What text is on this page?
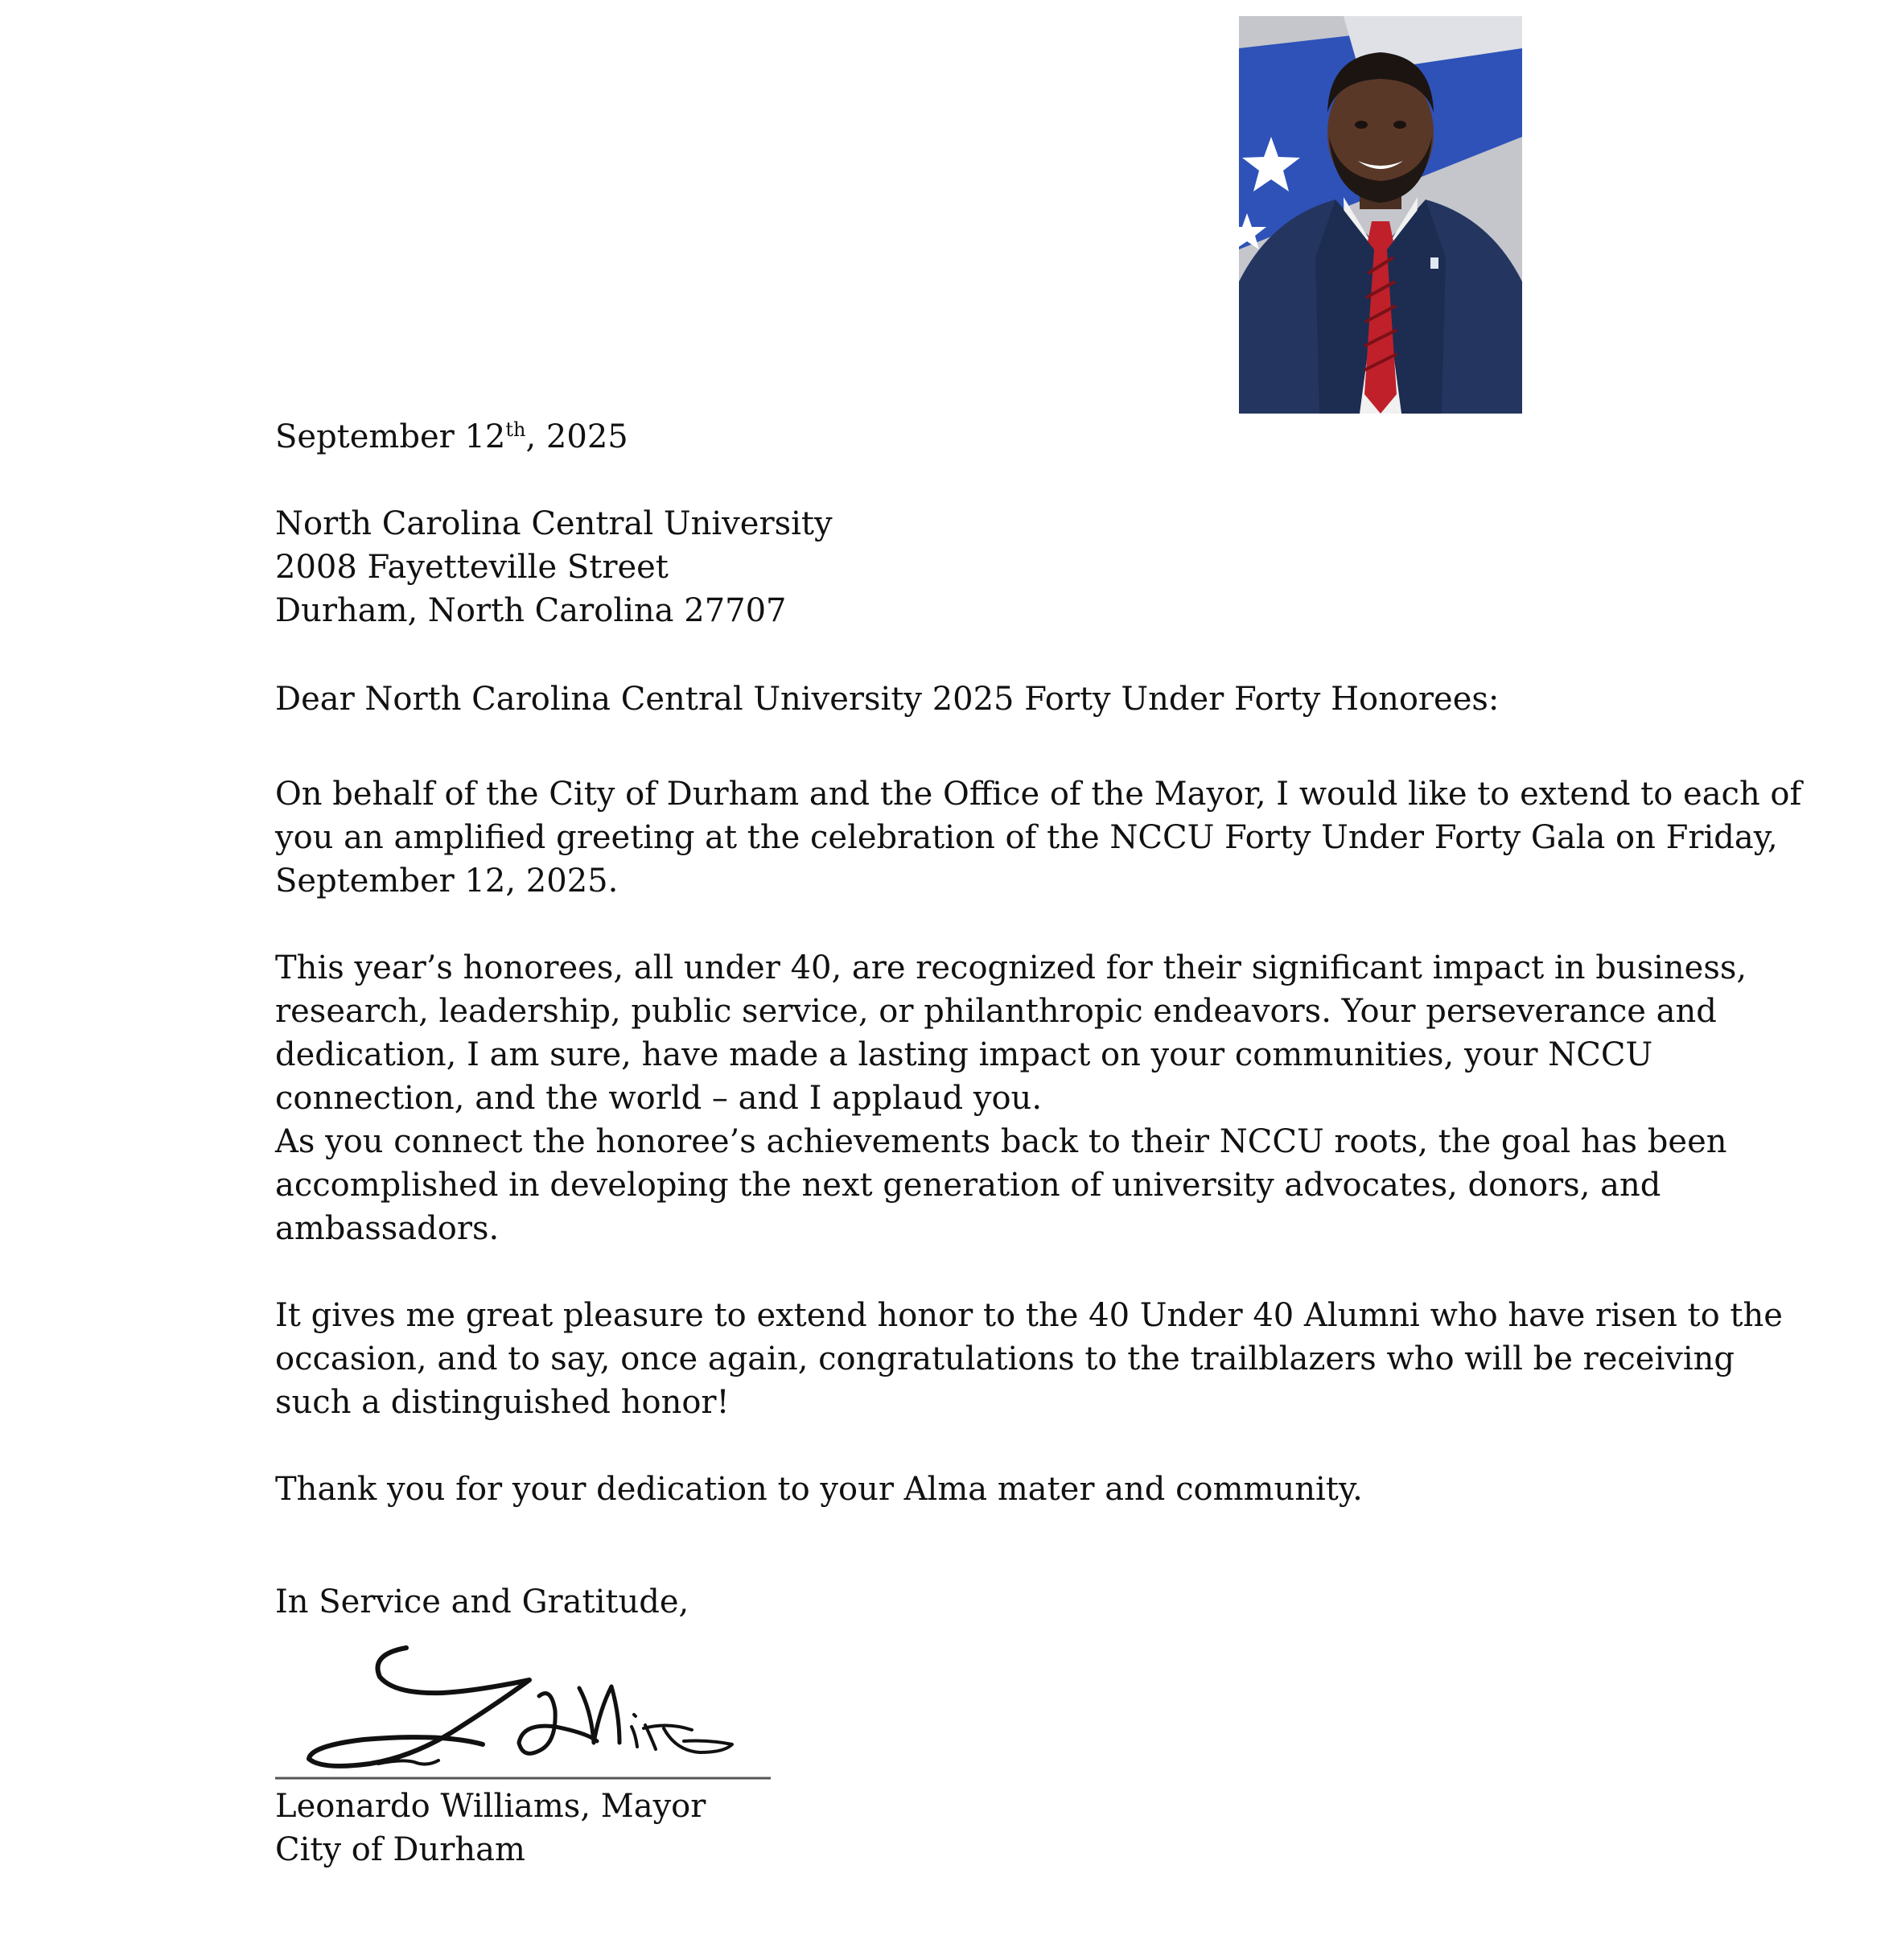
September 12th, 2025
North Carolina Central University
2008 Fayetteville Street
Durham, North Carolina 27707
Dear North Carolina Central University 2025 Forty Under Forty Honorees:
On behalf of the City of Durham and the Office of the Mayor, I would like to extend to each of
you an amplified greeting at the celebration of the NCCU Forty Under Forty Gala on Friday,
September 12, 2025.
This year’s honorees, all under 40, are recognized for their significant impact in business,
research, leadership, public service, or philanthropic endeavors. Your perseverance and
dedication, I am sure, have made a lasting impact on your communities, your NCCU
connection, and the world – and I applaud you.
As you connect the honoree’s achievements back to their NCCU roots, the goal has been
accomplished in developing the next generation of university advocates, donors, and
ambassadors.
It gives me great pleasure to extend honor to the 40 Under 40 Alumni who have risen to the
occasion, and to say, once again, congratulations to the trailblazers who will be receiving
such a distinguished honor!
Thank you for your dedication to your Alma mater and community.
In Service and Gratitude,
Leonardo Williams, Mayor
City of Durham
